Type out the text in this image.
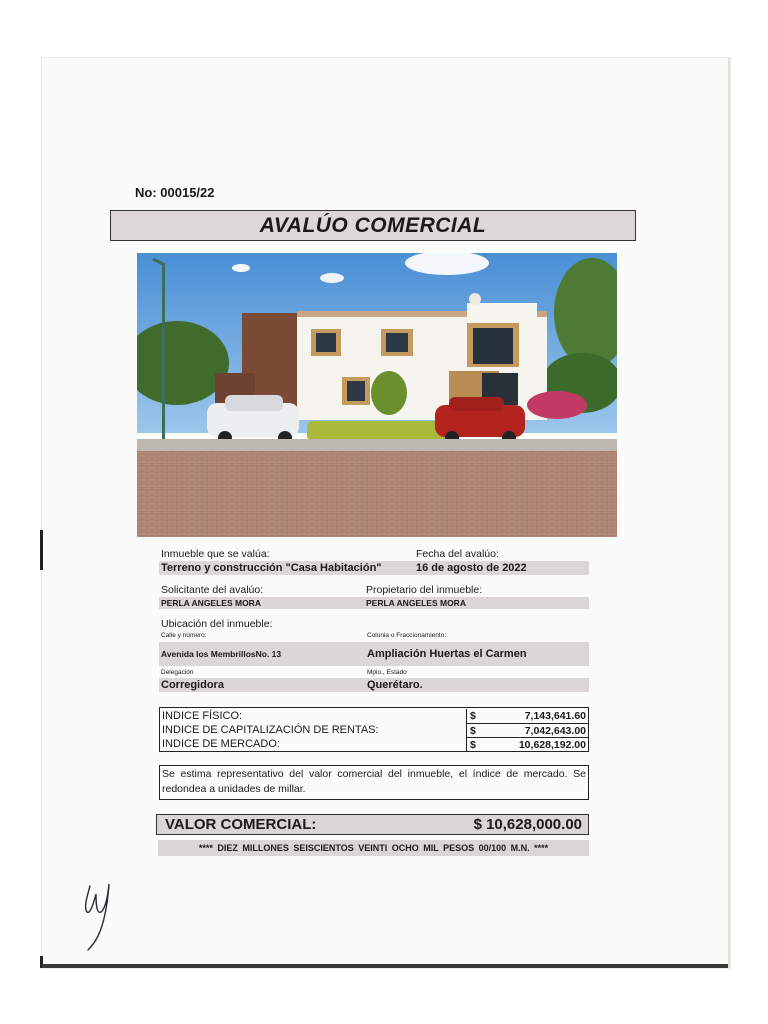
No: 00015/22
AVALÚO COMERCIAL
Inmueble que se valúa:	Fecha del avalúo:
Terreno y construcción "Casa Habitación"	16 de agosto de 2022
Solicitante del avalúo:	Propietario del inmueble:
PERLA ANGELES MORA	PERLA ANGELES MORA
Ubicación del inmueble:
Calle y número:	Colonia o Fraccionamiento:
Avenida los MembrillosNo. 13	Ampliación Huertas el Carmen
Delegación	Mpio., Estado
Corregidora	Querétaro.
INDICE FÍSICO:	$	7,143,641.60
INDICE DE CAPITALIZACIÓN DE RENTAS:	$	7,042,643.00
INDICE DE MERCADO:	$	10,628,192.00
Se estima representativo del valor comercial del inmueble, el índice de mercado. Se redondea a unidades de millar.
VALOR COMERCIAL:	$ 10,628,000.00
**** DIEZ MILLONES SEISCIENTOS VEINTI OCHO MIL PESOS 00/100 M.N. ****
